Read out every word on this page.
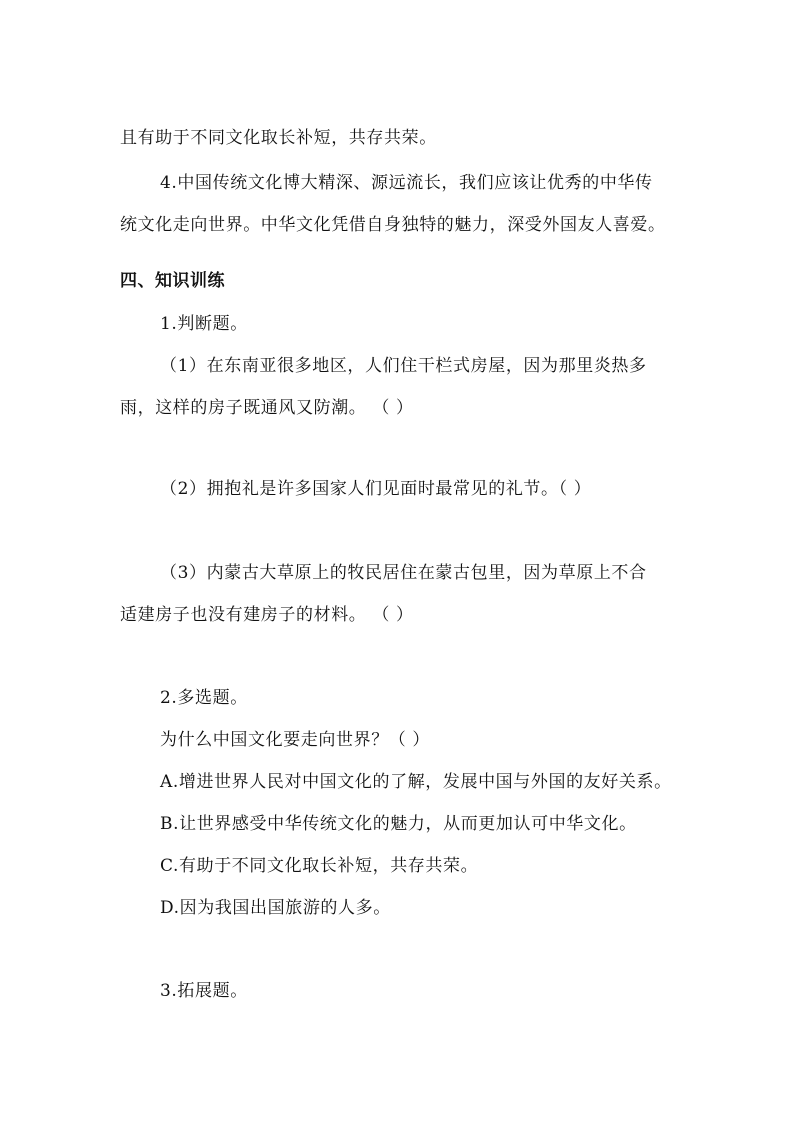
且有助于不同文化取长补短，共存共荣。
4.中国传统文化博大精深、源远流长，我们应该让优秀的中华传
统文化走向世界。中华文化凭借自身独特的魅力，深受外国友人喜爱。
四、知识训练
1.判断题。
（1）在东南亚很多地区，人们住干栏式房屋，因为那里炎热多
雨，这样的房子既通风又防潮。 （ ）
（2）拥抱礼是许多国家人们见面时最常见的礼节。（ ）
（3）内蒙古大草原上的牧民居住在蒙古包里，因为草原上不合
适建房子也没有建房子的材料。 （ ）
2.多选题。
为什么中国文化要走向世界？（ ）
A.增进世界人民对中国文化的了解，发展中国与外国的友好关系。
B.让世界感受中华传统文化的魅力，从而更加认可中华文化。
C.有助于不同文化取长补短，共存共荣。
D.因为我国出国旅游的人多。
3.拓展题。
